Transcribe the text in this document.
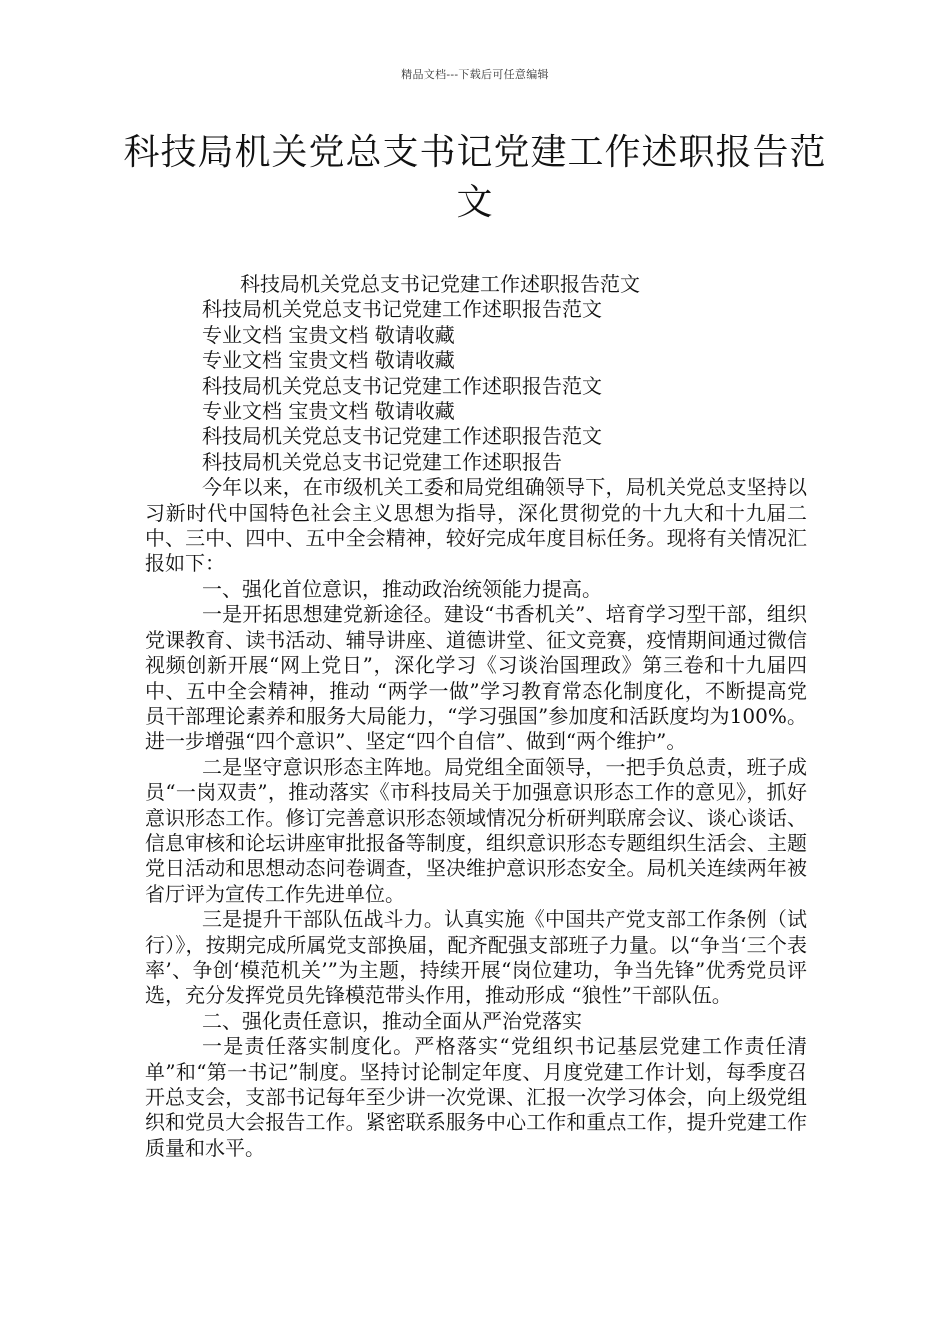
精品文档---下载后可任意编辑
科技局机关党总支书记党建工作述职报告范文

科技局机关党总支书记党建工作述职报告范文

科技局机关党总支书记党建工作述职报告范文

专业文档 宝贵文档 敬请收藏

专业文档 宝贵文档 敬请收藏

科技局机关党总支书记党建工作述职报告范文

专业文档 宝贵文档 敬请收藏

科技局机关党总支书记党建工作述职报告范文

科技局机关党总支书记党建工作述职报告

今年以来，在市级机关工委和局党组确领导下，局机关党总支坚持以习新时代中国特色社会主义思想为指导，深化贯彻党的十九大和十九届二中、三中、四中、五中全会精神，较好完成年度目标任务。现将有关情况汇报如下：

一、强化首位意识，推动政治统领能力提高。

一是开拓思想建党新途径。建设“书香机关”、培育学习型干部，组织党课教育、读书活动、辅导讲座、道德讲堂、征文竞赛，疫情期间通过微信视频创新开展“网上党日”，深化学习《习谈治国理政》第三卷和十九届四中、五中全会精神，推动 “两学一做”学习教育常态化制度化，不断提高党员干部理论素养和服务大局能力，“学习强国”参加度和活跃度均为100%。进一步增强“四个意识”、坚定“四个自信”、做到“两个维护”。

二是坚守意识形态主阵地。局党组全面领导，一把手负总责，班子成员“一岗双责”，推动落实《市科技局关于加强意识形态工作的意见》，抓好意识形态工作。修订完善意识形态领域情况分析研判联席会议、谈心谈话、信息审核和论坛讲座审批报备等制度，组织意识形态专题组织生活会、主题党日活动和思想动态问卷调查，坚决维护意识形态安全。局机关连续两年被省厅评为宣传工作先进单位。

三是提升干部队伍战斗力。认真实施《中国共产党支部工作条例（试行）》，按期完成所属党支部换届，配齐配强支部班子力量。以“争当‘三个表率’、争创‘模范机关’”为主题，持续开展“岗位建功，争当先锋”优秀党员评选，充分发挥党员先锋模范带头作用，推动形成 “狼性”干部队伍。

二、强化责任意识，推动全面从严治党落实

一是责任落实制度化。严格落实“党组织书记基层党建工作责任清单”和“第一书记”制度。坚持讨论制定年度、月度党建工作计划，每季度召开总支会，支部书记每年至少讲一次党课、汇报一次学习体会，向上级党组织和党员大会报告工作。紧密联系服务中心工作和重点工作，提升党建工作质量和水平。
